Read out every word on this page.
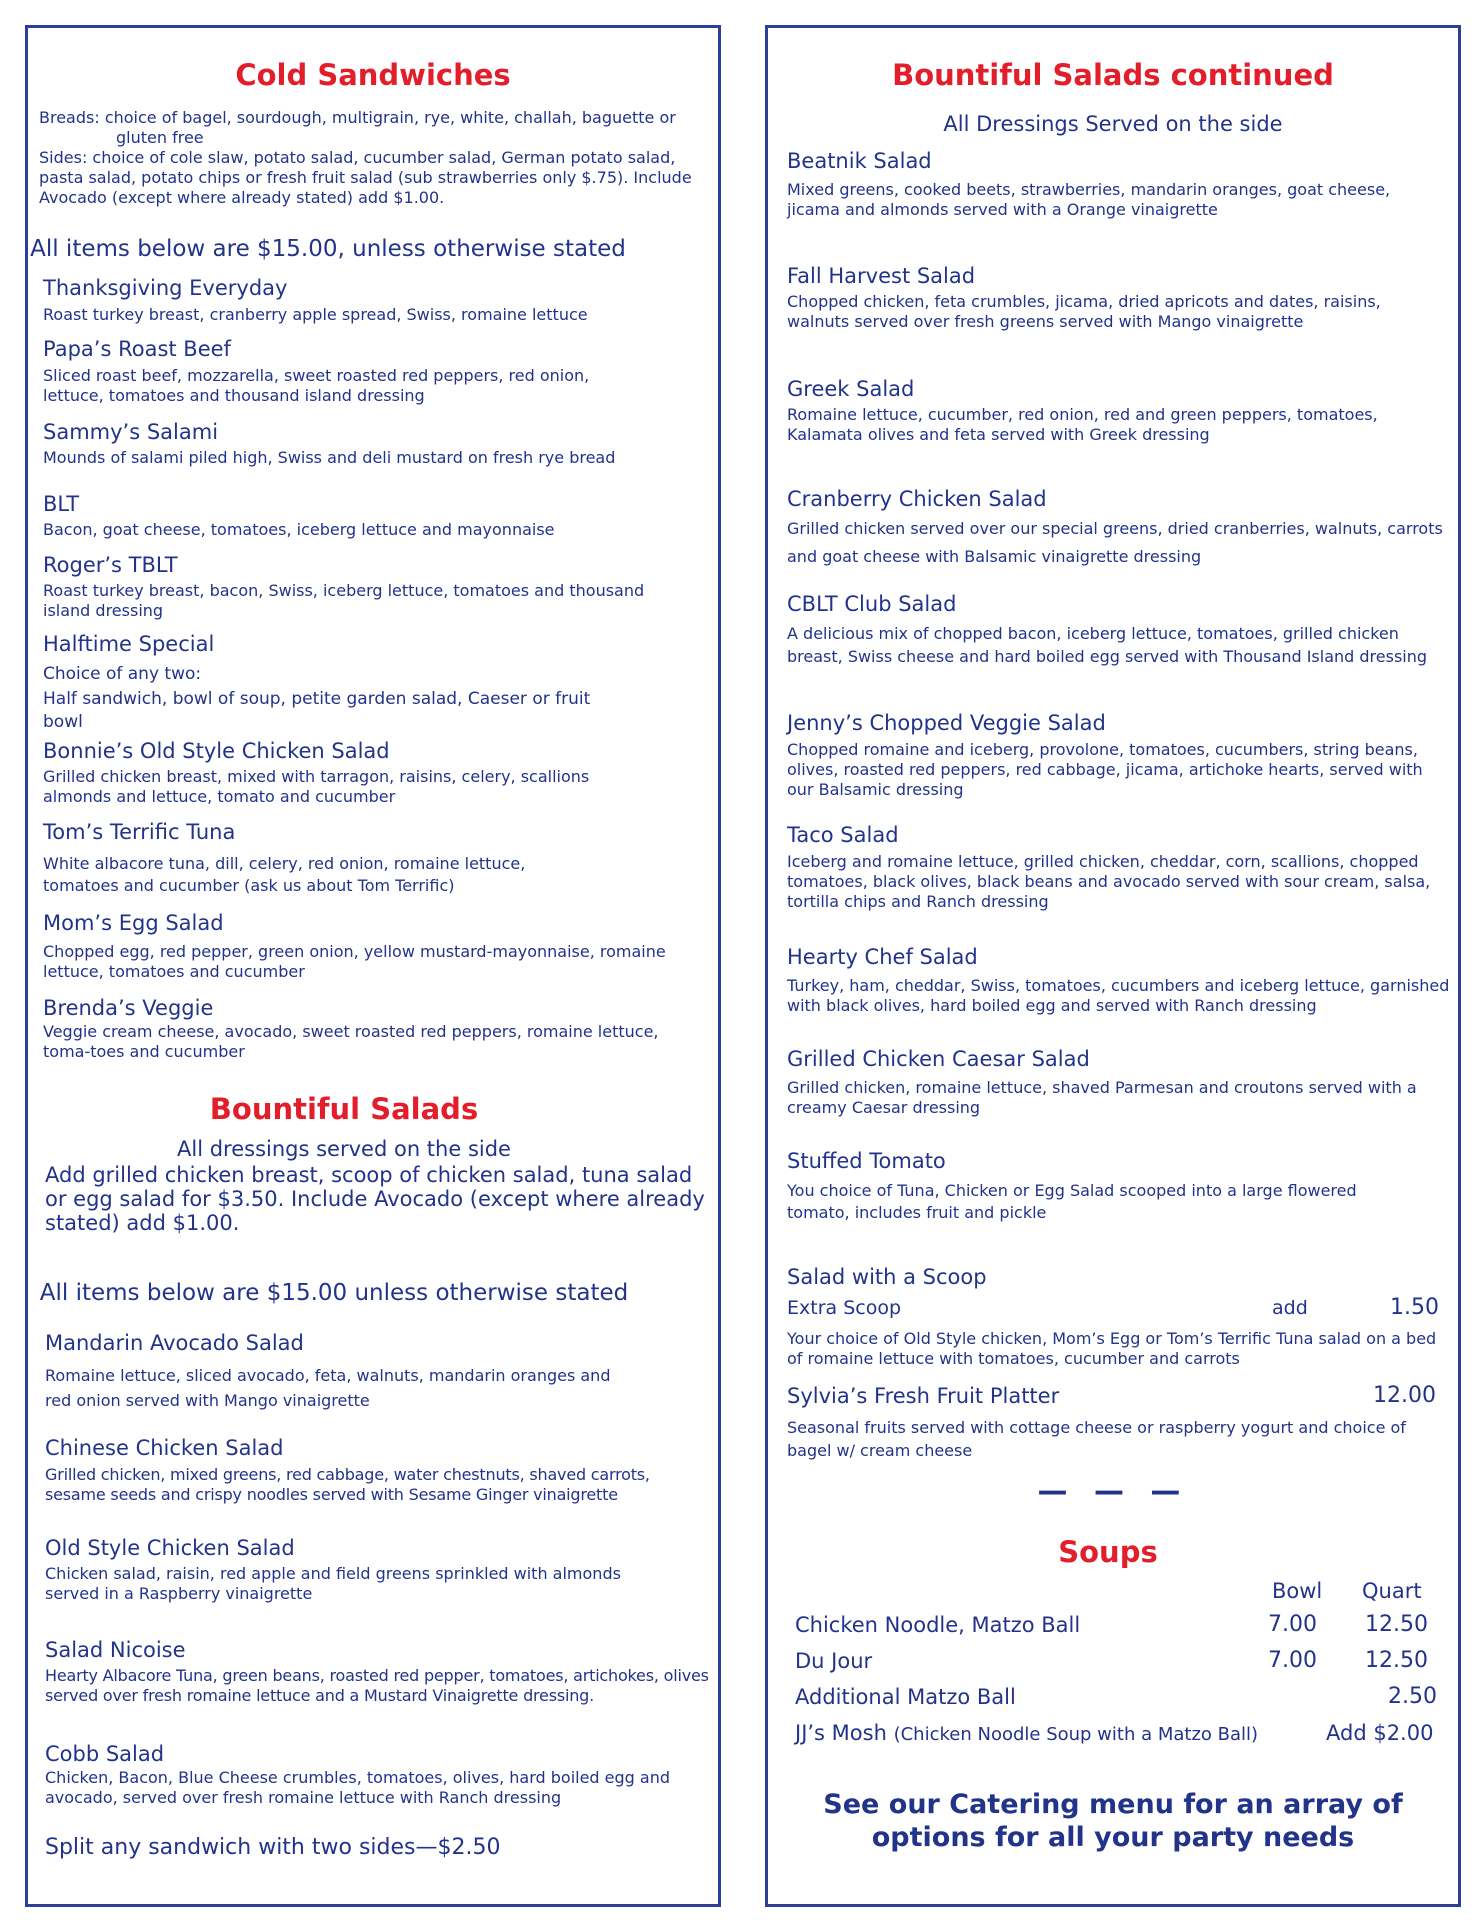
Cold Sandwiches
Breads: choice of bagel, sourdough, multigrain, rye, white, challah, baguette or
gluten free
Sides: choice of cole slaw, potato salad, cucumber salad, German potato salad, pasta salad, potato chips or fresh fruit salad (sub strawberries only $.75). Include Avocado (except where already stated) add $1.00.
All items below are $15.00, unless otherwise stated
Thanksgiving Everyday
Roast turkey breast, cranberry apple spread, Swiss, romaine lettuce
Papa’s Roast Beef
Sliced roast beef, mozzarella, sweet roasted red peppers, red onion, lettuce, tomatoes and thousand island dressing
Sammy’s Salami
Mounds of salami piled high, Swiss and deli mustard on fresh rye bread
BLT
Bacon, goat cheese, tomatoes, iceberg lettuce and mayonnaise
Roger’s TBLT
Roast turkey breast, bacon, Swiss, iceberg lettuce, tomatoes and thousand island dressing
Halftime Special
Choice of any two:
Half sandwich, bowl of soup, petite garden salad, Caeser or fruit bowl
Bonnie’s Old Style Chicken Salad
Grilled chicken breast, mixed with tarragon, raisins, celery, scallions almonds and lettuce, tomato and cucumber
Tom’s Terrific Tuna
White albacore tuna, dill, celery, red onion, romaine lettuce, tomatoes and cucumber (ask us about Tom Terrific)
Mom’s Egg Salad
Chopped egg, red pepper, green onion, yellow mustard-mayonnaise, romaine lettuce, tomatoes and cucumber
Brenda’s Veggie
Veggie cream cheese, avocado, sweet roasted red peppers, romaine lettuce, toma-toes and cucumber
Bountiful Salads
All dressings served on the side
Add grilled chicken breast, scoop of chicken salad, tuna salad or egg salad for $3.50. Include Avocado (except where already stated) add $1.00.
All items below are $15.00 unless otherwise stated
Mandarin Avocado Salad
Romaine lettuce, sliced avocado, feta, walnuts, mandarin oranges and red onion served with Mango vinaigrette
Chinese Chicken Salad
Grilled chicken, mixed greens, red cabbage, water chestnuts, shaved carrots, sesame seeds and crispy noodles served with Sesame Ginger vinaigrette
Old Style Chicken Salad
Chicken salad, raisin, red apple and field greens sprinkled with almonds served in a Raspberry vinaigrette
Salad Nicoise
Hearty Albacore Tuna, green beans, roasted red pepper, tomatoes, artichokes, olives served over fresh romaine lettuce and a Mustard Vinaigrette dressing.
Cobb Salad
Chicken, Bacon, Blue Cheese crumbles, tomatoes, olives, hard boiled egg and avocado, served over fresh romaine lettuce with Ranch dressing
Split any sandwich with two sides—$2.50
Bountiful Salads continued
All Dressings Served on the side
Beatnik Salad
Mixed greens, cooked beets, strawberries, mandarin oranges, goat cheese, jicama and almonds served with a Orange vinaigrette
Fall Harvest Salad
Chopped chicken, feta crumbles, jicama, dried apricots and dates, raisins, walnuts served over fresh greens served with Mango vinaigrette
Greek Salad
Romaine lettuce, cucumber, red onion, red and green peppers, tomatoes, Kalamata olives and feta served with Greek dressing
Cranberry Chicken Salad
Grilled chicken served over our special greens, dried cranberries, walnuts, carrots and goat cheese with Balsamic vinaigrette dressing
CBLT Club Salad
A delicious mix of chopped bacon, iceberg lettuce, tomatoes, grilled chicken breast, Swiss cheese and hard boiled egg served with Thousand Island dressing
Jenny’s Chopped Veggie Salad
Chopped romaine and iceberg, provolone, tomatoes, cucumbers, string beans, olives, roasted red peppers, red cabbage, jicama, artichoke hearts, served with our Balsamic dressing
Taco Salad
Iceberg and romaine lettuce, grilled chicken, cheddar, corn, scallions, chopped tomatoes, black olives, black beans and avocado served with sour cream, salsa, tortilla chips and Ranch dressing
Hearty Chef Salad
Turkey, ham, cheddar, Swiss, tomatoes, cucumbers and iceberg lettuce, garnished with black olives, hard boiled egg and served with Ranch dressing
Grilled Chicken Caesar Salad
Grilled chicken, romaine lettuce, shaved Parmesan and croutons served with a creamy Caesar dressing
Stuffed Tomato
You choice of Tuna, Chicken or Egg Salad scooped into a large flowered tomato, includes fruit and pickle
Salad with a Scoop
Extra Scoop	add	1.50
Your choice of Old Style chicken, Mom’s Egg or Tom’s Terrific Tuna salad on a bed of romaine lettuce with tomatoes, cucumber and carrots
Sylvia’s Fresh Fruit Platter	12.00
Seasonal fruits served with cottage cheese or raspberry yogurt and choice of bagel w/ cream cheese
— — —
Soups
Bowl Quart
Chicken Noodle, Matzo Ball	7.00 12.50
Du Jour	7.00 12.50
Additional Matzo Ball	2.50
JJ’s Mosh (Chicken Noodle Soup with a Matzo Ball)	Add $2.00
See our Catering menu for an array of options for all your party needs
